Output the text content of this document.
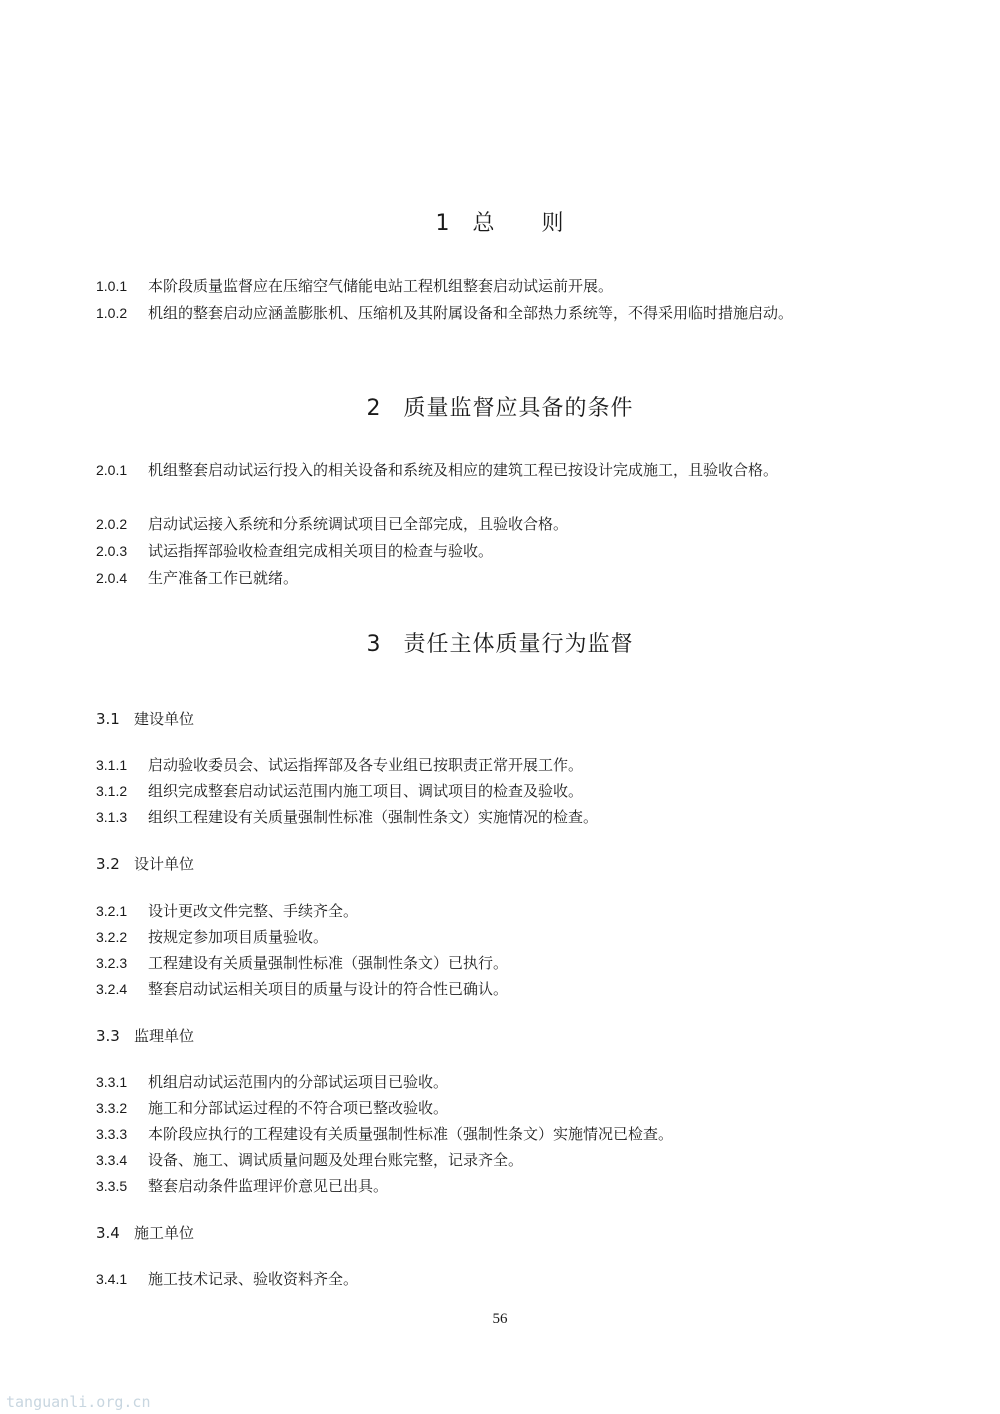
1 总　　则
1.0.1 本阶段质量监督应在压缩空气储能电站工程机组整套启动试运前开展。
1.0.2 机组的整套启动应涵盖膨胀机、压缩机及其附属设备和全部热力系统等，不得采用临时措施启动。
2 质量监督应具备的条件
2.0.1 机组整套启动试运行投入的相关设备和系统及相应的建筑工程已按设计完成施工，且验收合格。
2.0.2 启动试运接入系统和分系统调试项目已全部完成，且验收合格。
2.0.3 试运指挥部验收检查组完成相关项目的检查与验收。
2.0.4 生产准备工作已就绪。
3 责任主体质量行为监督
3.1 建设单位
3.1.1 启动验收委员会、试运指挥部及各专业组已按职责正常开展工作。
3.1.2 组织完成整套启动试运范围内施工项目、调试项目的检查及验收。
3.1.3 组织工程建设有关质量强制性标准（强制性条文）实施情况的检查。
3.2 设计单位
3.2.1 设计更改文件完整、手续齐全。
3.2.2 按规定参加项目质量验收。
3.2.3 工程建设有关质量强制性标准（强制性条文）已执行。
3.2.4 整套启动试运相关项目的质量与设计的符合性已确认。
3.3 监理单位
3.3.1 机组启动试运范围内的分部试运项目已验收。
3.3.2 施工和分部试运过程的不符合项已整改验收。
3.3.3 本阶段应执行的工程建设有关质量强制性标准（强制性条文）实施情况已检查。
3.3.4 设备、施工、调试质量问题及处理台账完整，记录齐全。
3.3.5 整套启动条件监理评价意见已出具。
3.4 施工单位
3.4.1 施工技术记录、验收资料齐全。
56
tanguanli.org.cn
